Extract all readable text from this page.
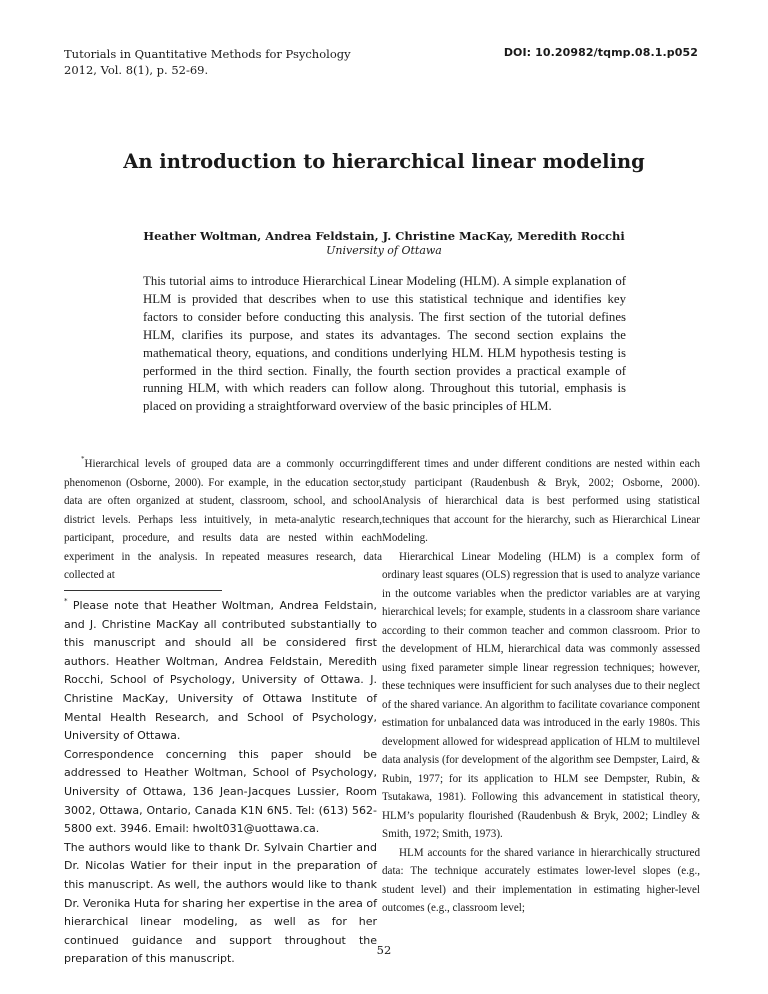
Tutorials in Quantitative Methods for Psychology
2012, Vol. 8(1), p. 52-69.
DOI: 10.20982/tqmp.08.1.p052
An introduction to hierarchical linear modeling
Heather Woltman, Andrea Feldstain, J. Christine MacKay, Meredith Rocchi
University of Ottawa
This tutorial aims to introduce Hierarchical Linear Modeling (HLM). A simple explanation of HLM is provided that describes when to use this statistical technique and identifies key factors to consider before conducting this analysis. The first section of the tutorial defines HLM, clarifies its purpose, and states its advantages. The second section explains the mathematical theory, equations, and conditions underlying HLM. HLM hypothesis testing is performed in the third section. Finally, the fourth section provides a practical example of running HLM, with which readers can follow along. Throughout this tutorial, emphasis is placed on providing a straightforward overview of the basic principles of HLM.

*Hierarchical levels of grouped data are a commonly occurring phenomenon (Osborne, 2000). For example, in the education sector, data are often organized at student, classroom, school, and school district levels. Perhaps less intuitively, in meta-analytic research, participant, procedure, and results data are nested within each experiment in the analysis. In repeated measures research, data collected at

* Please note that Heather Woltman, Andrea Feldstain, and J. Christine MacKay all contributed substantially to this manuscript and should all be considered first authors. Heather Woltman, Andrea Feldstain, Meredith Rocchi, School of Psychology, University of Ottawa. J. Christine MacKay, University of Ottawa Institute of Mental Health Research, and School of Psychology, University of Ottawa.

Correspondence concerning this paper should be addressed to Heather Woltman, School of Psychology, University of Ottawa, 136 Jean-Jacques Lussier, Room 3002, Ottawa, Ontario, Canada K1N 6N5. Tel: (613) 562-5800 ext. 3946. Email: hwolt031@uottawa.ca.

The authors would like to thank Dr. Sylvain Chartier and Dr. Nicolas Watier for their input in the preparation of this manuscript. As well, the authors would like to thank Dr. Veronika Huta for sharing her expertise in the area of hierarchical linear modeling, as well as for her continued guidance and support throughout the preparation of this manuscript.

different times and under different conditions are nested within each study participant (Raudenbush & Bryk, 2002; Osborne, 2000). Analysis of hierarchical data is best performed using statistical techniques that account for the hierarchy, such as Hierarchical Linear Modeling.

Hierarchical Linear Modeling (HLM) is a complex form of ordinary least squares (OLS) regression that is used to analyze variance in the outcome variables when the predictor variables are at varying hierarchical levels; for example, students in a classroom share variance according to their common teacher and common classroom. Prior to the development of HLM, hierarchical data was commonly assessed using fixed parameter simple linear regression techniques; however, these techniques were insufficient for such analyses due to their neglect of the shared variance. An algorithm to facilitate covariance component estimation for unbalanced data was introduced in the early 1980s. This development allowed for widespread application of HLM to multilevel data analysis (for development of the algorithm see Dempster, Laird, & Rubin, 1977; for its application to HLM see Dempster, Rubin, & Tsutakawa, 1981). Following this advancement in statistical theory, HLM’s popularity flourished (Raudenbush & Bryk, 2002; Lindley & Smith, 1972; Smith, 1973).

HLM accounts for the shared variance in hierarchically structured data: The technique accurately estimates lower-level slopes (e.g., student level) and their implementation in estimating higher-level outcomes (e.g., classroom level;

52
